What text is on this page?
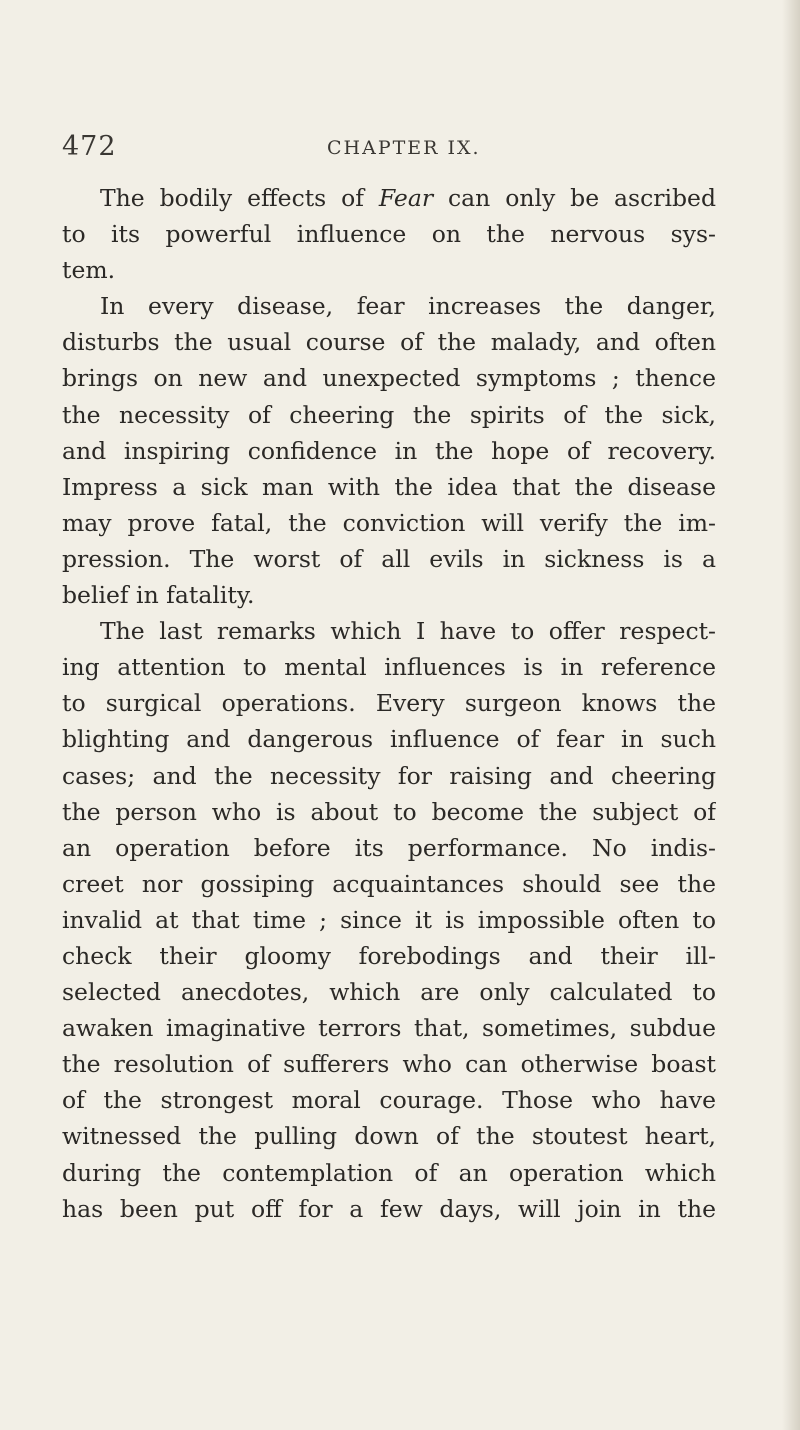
472	CHAPTER IX.
The bodily effects of Fear can only be ascribed
to its powerful influence on the nervous sys-
tem.
In every disease, fear increases the danger,
disturbs the usual course of the malady, and often
brings on new and unexpected symptoms ; thence
the necessity of cheering the spirits of the sick,
and inspiring confidence in the hope of recovery.
Impress a sick man with the idea that the disease
may prove fatal, the conviction will verify the im-
pression. The worst of all evils in sickness is a
belief in fatality.
The last remarks which I have to offer respect-
ing attention to mental influences is in reference
to surgical operations. Every surgeon knows the
blighting and dangerous influence of fear in such
cases; and the necessity for raising and cheering
the person who is about to become the subject of
an operation before its performance. No indis-
creet nor gossiping acquaintances should see the
invalid at that time ; since it is impossible often to
check their gloomy forebodings and their ill-
selected anecdotes, which are only calculated to
awaken imaginative terrors that, sometimes, subdue
the resolution of sufferers who can otherwise boast
of the strongest moral courage. Those who have
witnessed the pulling down of the stoutest heart,
during the contemplation of an operation which
has been put off for a few days, will join in the
